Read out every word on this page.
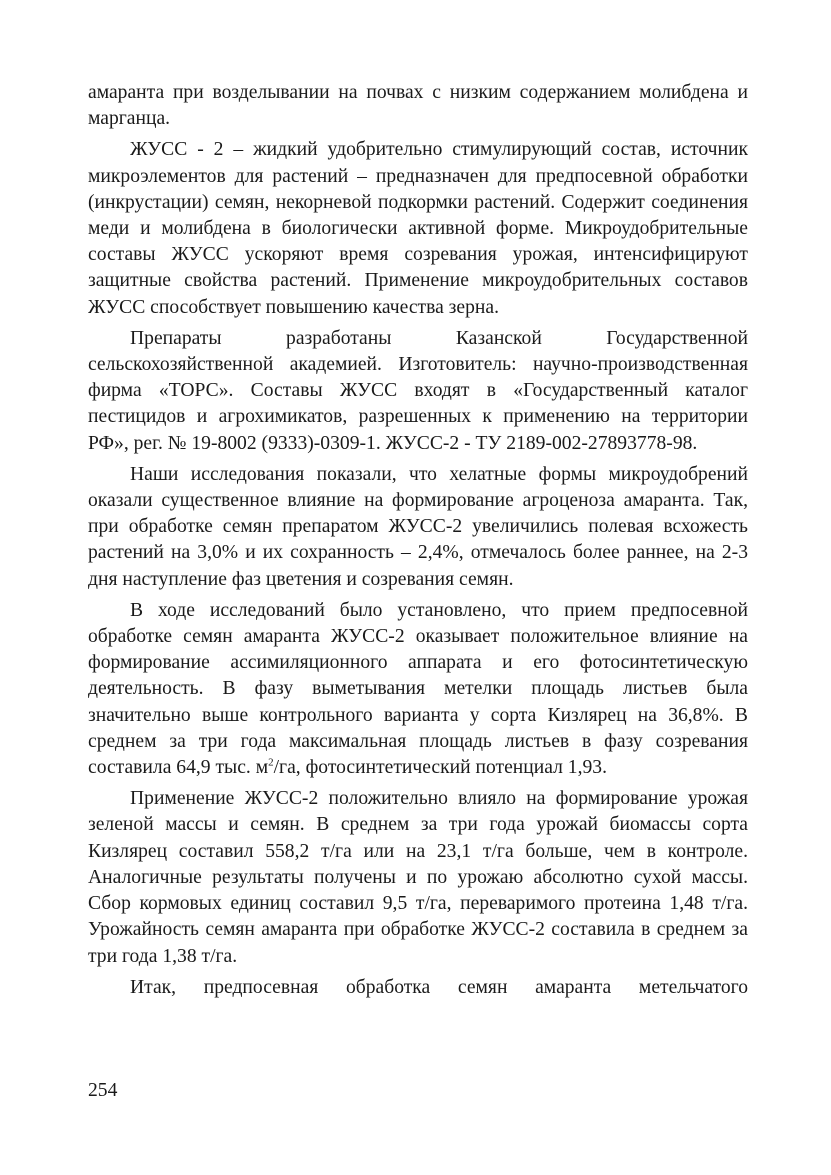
амаранта при возделывании на почвах с низким содержанием молибдена и марганца.

ЖУСС - 2 – жидкий удобрительно стимулирующий состав, источник микроэлементов для растений – предназначен для предпосевной обработки (инкрустации) семян, некорневой подкормки растений. Содержит соединения меди и молибдена в биологически активной форме. Микроудобрительные составы ЖУСС ускоряют время созревания урожая, интенсифицируют защитные свойства растений. Применение микроудобрительных составов ЖУСС способствует повышению качества зерна.

Препараты разработаны Казанской Государственной сельскохозяйственной академией. Изготовитель: научно-производственная фирма «ТОРС». Составы ЖУСС входят в «Государственный каталог пестицидов и агрохимикатов, разрешенных к применению на территории РФ», рег. № 19-8002 (9333)-0309-1. ЖУСС-2 - ТУ 2189-002-27893778-98.

Наши исследования показали, что хелатные формы микроудобрений оказали существенное влияние на формирование агроценоза амаранта. Так, при обработке семян препаратом ЖУСС-2 увеличились полевая всхожесть растений на 3,0% и их сохранность – 2,4%, отмечалось более раннее, на 2-3 дня наступление фаз цветения и созревания семян.

В ходе исследований было установлено, что прием предпосевной обработке семян амаранта ЖУСС-2 оказывает положительное влияние на формирование ассимиляционного аппарата и его фотосинтетическую деятельность. В фазу выметывания метелки площадь листьев была значительно выше контрольного варианта у сорта Кизлярец на 36,8%. В среднем за три года максимальная площадь листьев в фазу созревания составила 64,9 тыс. $м^2/га$, фотосинтетический потенциал 1,93.

Применение ЖУСС-2 положительно влияло на формирование урожая зеленой массы и семян. В среднем за три года урожай биомассы сорта Кизлярец составил 558,2 т/га или на 23,1 т/га больше, чем в контроле. Аналогичные результаты получены и по урожаю абсолютно сухой массы. Сбор кормовых единиц составил 9,5 т/га, переваримого протеина 1,48 т/га. Урожайность семян амаранта при обработке ЖУСС-2 составила в среднем за три года 1,38 т/га.

Итак, предпосевная обработка семян амаранта метельчатого

254
